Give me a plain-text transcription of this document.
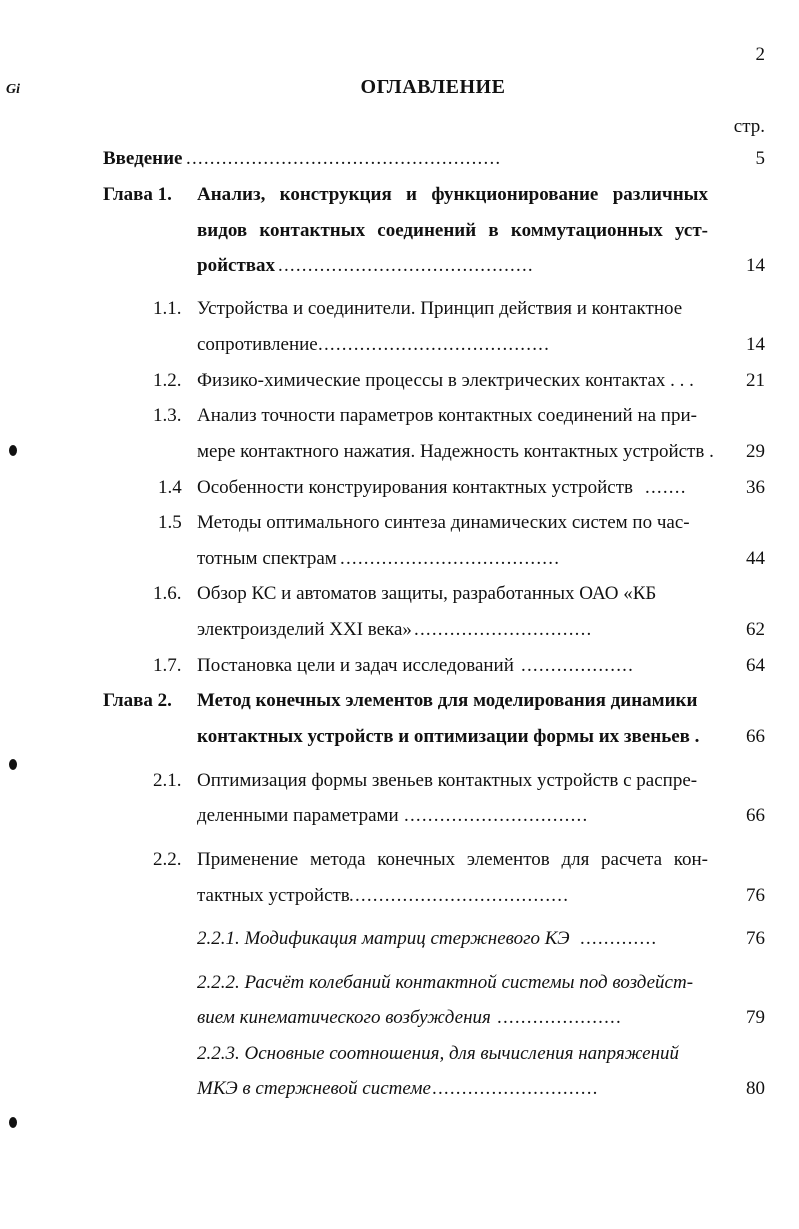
2
Gi	ОГЛАВЛЕНИЕ
стр.
Введение .....................................................	5
Глава 1. Анализ, конструкция и функционирование различных
видов контактных соединений в коммутационных уст-
ройствах ...........................................	14
1.1. Устройства и соединители. Принцип действия и контактное
сопротивление .......................................	14
1.2. Физико-химические процессы в электрических контактах . . .	21
1.3. Анализ точности параметров контактных соединений на при-
мере контактного нажатия. Надежность контактных устройств . 29
1.4 Особенности конструирования контактных устройств .......	36
1.5 Методы оптимального синтеза динамических систем по час-
тотным спектрам .....................................	44
1.6. Обзор КС и автоматов защиты, разработанных ОАО «КБ
электроизделий XXI века» ..............................	62
1.7. Постановка цели и задач исследований ...................	64
Глава 2. Метод конечных элементов для моделирования динамики
контактных устройств и оптимизации формы их звеньев . 66
2.1. Оптимизация формы звеньев контактных устройств с распре-
деленными параметрами ...............................	66
2.2. Применение метода конечных элементов для расчета кон-
тактных устройств .....................................	76
2.2.1. Модификация матриц стержневого КЭ .............	76
2.2.2. Расчёт колебаний контактной системы под воздейст-
вием кинематического возбуждения .....................	79
2.2.3. Основные соотношения, для вычисления напряжений
МКЭ в стержневой системе ............................	80
